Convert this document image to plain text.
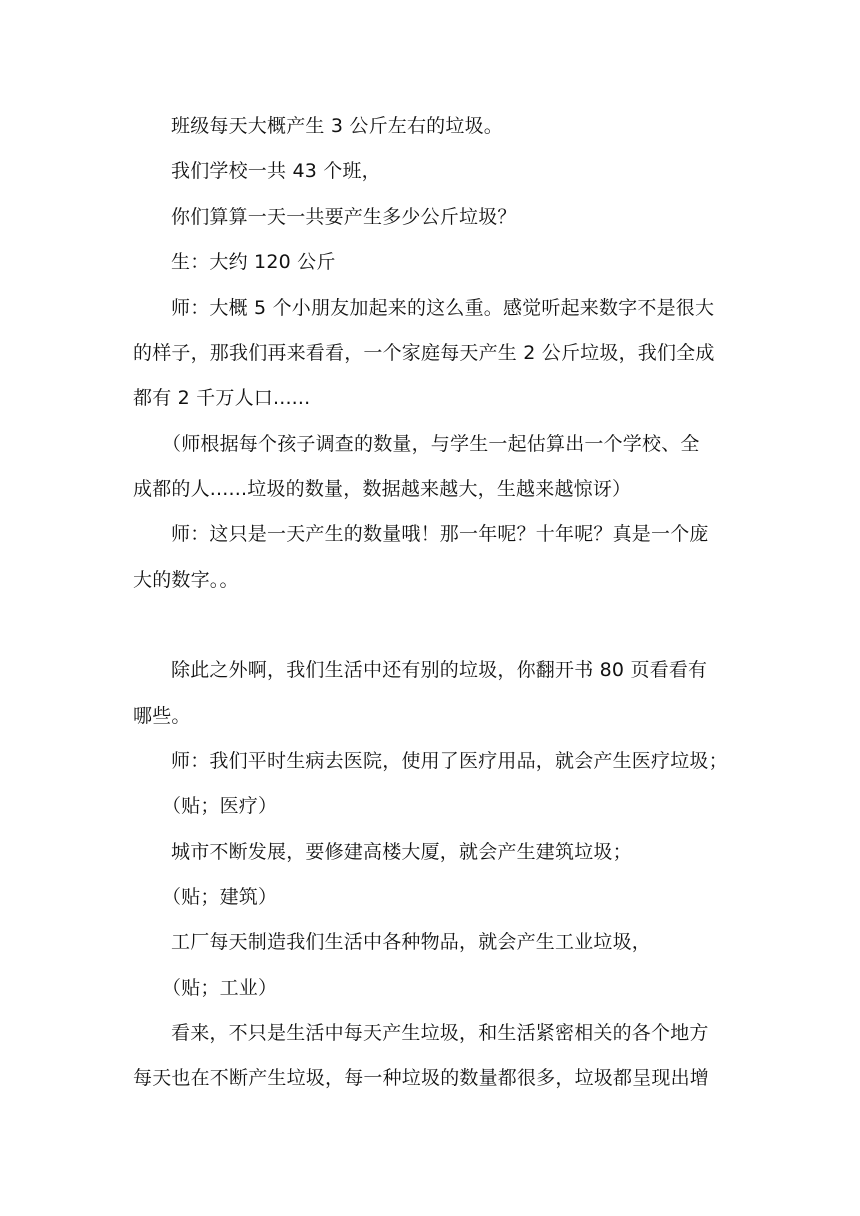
班级每天大概产生 3 公斤左右的垃圾。
我们学校一共 43 个班，
你们算算一天一共要产生多少公斤垃圾？
生：大约 120 公斤
师：大概 5 个小朋友加起来的这么重。感觉听起来数字不是很大
的样子，那我们再来看看，一个家庭每天产生 2 公斤垃圾，我们全成
都有 2 千万人口......
（师根据每个孩子调查的数量，与学生一起估算出一个学校、全
成都的人......垃圾的数量，数据越来越大，生越来越惊讶）
师：这只是一天产生的数量哦！那一年呢？十年呢？真是一个庞
大的数字。。
除此之外啊，我们生活中还有别的垃圾，你翻开书 80 页看看有
哪些。
师：我们平时生病去医院，使用了医疗用品，就会产生医疗垃圾；
（贴；医疗）
城市不断发展，要修建高楼大厦，就会产生建筑垃圾；
（贴；建筑）
工厂每天制造我们生活中各种物品，就会产生工业垃圾，
（贴；工业）
看来，不只是生活中每天产生垃圾，和生活紧密相关的各个地方
每天也在不断产生垃圾，每一种垃圾的数量都很多，垃圾都呈现出增
